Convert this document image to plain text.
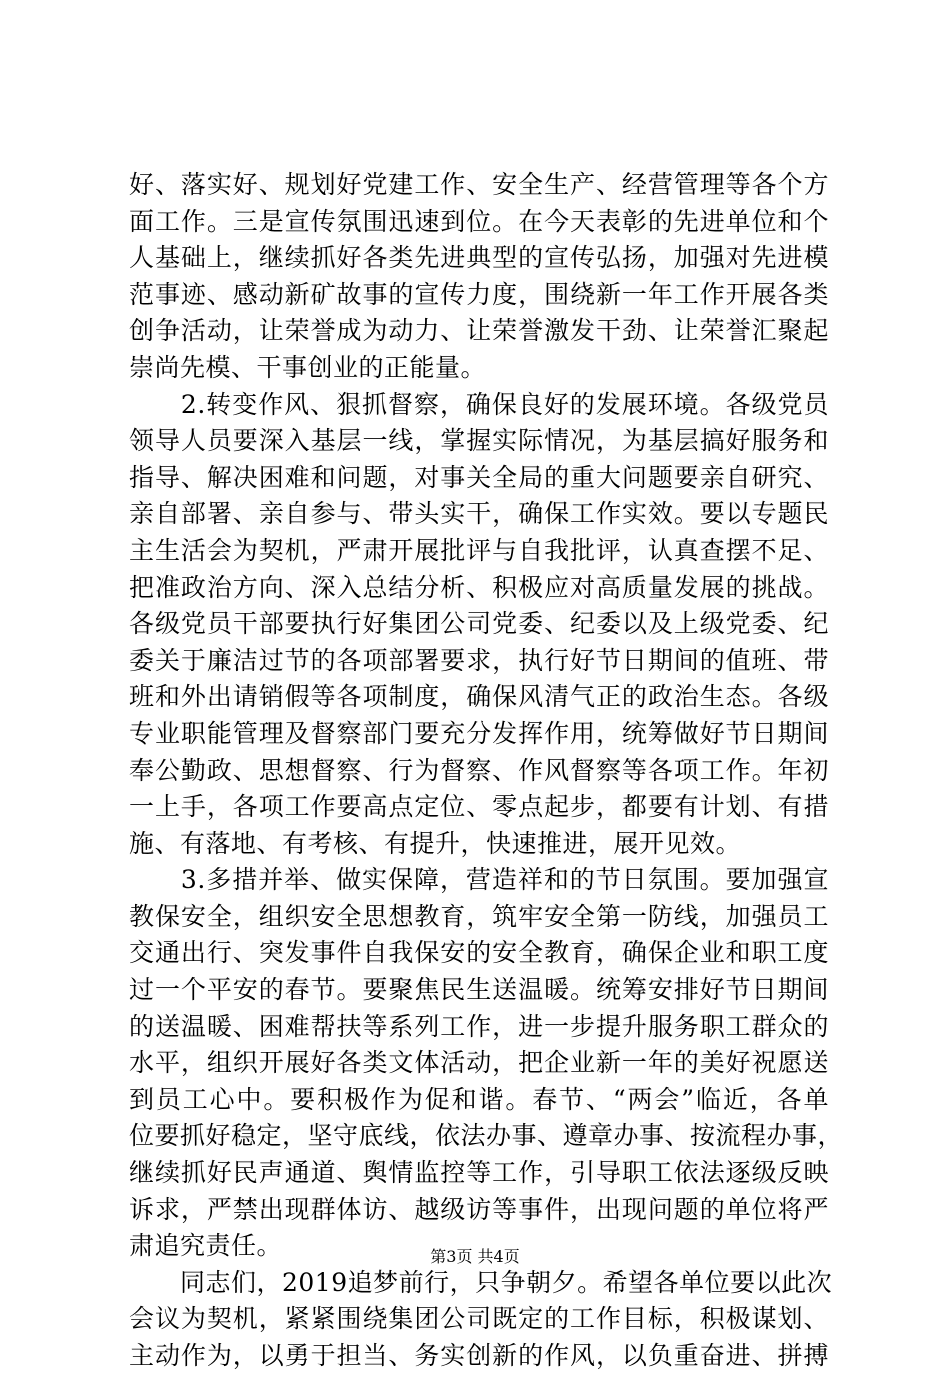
好、落实好、规划好党建工作、安全生产、经营管理等各个方
面工作。三是宣传氛围迅速到位。在今天表彰的先进单位和个
人基础上，继续抓好各类先进典型的宣传弘扬，加强对先进模
范事迹、感动新矿故事的宣传力度，围绕新一年工作开展各类
创争活动，让荣誉成为动力、让荣誉激发干劲、让荣誉汇聚起
崇尚先模、干事创业的正能量。
　　2.转变作风、狠抓督察，确保良好的发展环境。各级党员
领导人员要深入基层一线，掌握实际情况，为基层搞好服务和
指导、解决困难和问题，对事关全局的重大问题要亲自研究、
亲自部署、亲自参与、带头实干，确保工作实效。要以专题民
主生活会为契机，严肃开展批评与自我批评，认真查摆不足、
把准政治方向、深入总结分析、积极应对高质量发展的挑战。
各级党员干部要执行好集团公司党委、纪委以及上级党委、纪
委关于廉洁过节的各项部署要求，执行好节日期间的值班、带
班和外出请销假等各项制度，确保风清气正的政治生态。各级
专业职能管理及督察部门要充分发挥作用，统筹做好节日期间
奉公勤政、思想督察、行为督察、作风督察等各项工作。年初
一上手，各项工作要高点定位、零点起步，都要有计划、有措
施、有落地、有考核、有提升，快速推进，展开见效。
　　3.多措并举、做实保障，营造祥和的节日氛围。要加强宣
教保安全，组织安全思想教育，筑牢安全第一防线，加强员工
交通出行、突发事件自我保安的安全教育，确保企业和职工度
过一个平安的春节。要聚焦民生送温暖。统筹安排好节日期间
的送温暖、困难帮扶等系列工作，进一步提升服务职工群众的
水平，组织开展好各类文体活动，把企业新一年的美好祝愿送
到员工心中。要积极作为促和谐。春节、“两会”临近，各单
位要抓好稳定，坚守底线，依法办事、遵章办事、按流程办事，
继续抓好民声通道、舆情监控等工作，引导职工依法逐级反映
诉求，严禁出现群体访、越级访等事件，出现问题的单位将严
肃追究责任。
　　同志们，2019追梦前行，只争朝夕。希望各单位要以此次
会议为契机，紧紧围绕集团公司既定的工作目标，积极谋划、
主动作为，以勇于担当、务实创新的作风，以负重奋进、拼搏
第3页 共4页
